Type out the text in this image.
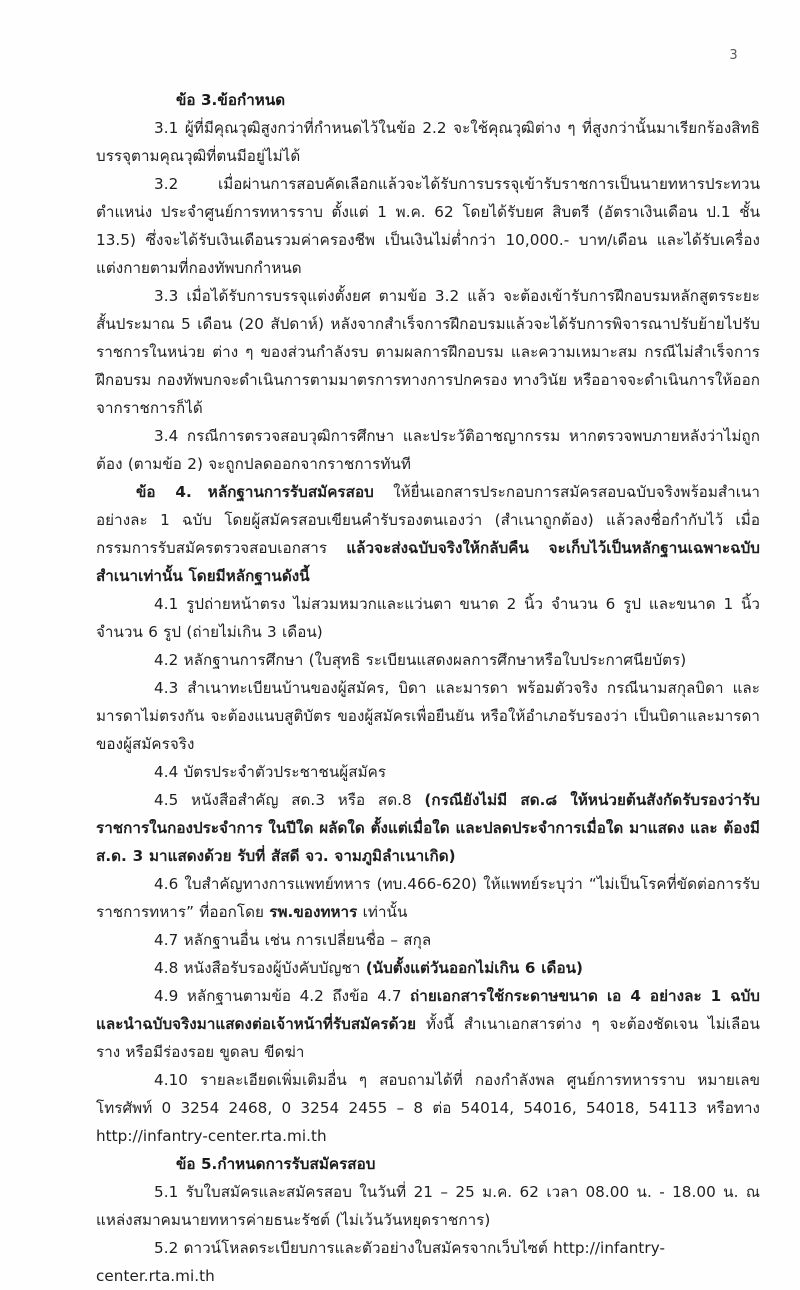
3
ข้อ 3.ข้อกำหนด

3.1 ผู้ที่มีคุณวุฒิสูงกว่าที่กำหนดไว้ในข้อ 2.2 จะใช้คุณวุฒิต่าง ๆ ที่สูงกว่านั้นมาเรียกร้องสิทธิบรรจุตามคุณวุฒิที่ตนมีอยู่ไม่ได้

3.2 เมื่อผ่านการสอบคัดเลือกแล้วจะได้รับการบรรจุเข้ารับราชการเป็นนายทหารประทวน ตำแหน่ง ประจำศูนย์การทหารราบ ตั้งแต่ 1 พ.ค. 62 โดยได้รับยศ สิบตรี (อัตราเงินเดือน ป.1 ชั้น 13.5) ซึ่งจะได้รับเงินเดือนรวมค่าครองชีพ เป็นเงินไม่ต่ำกว่า 10,000.- บาท/เดือน และได้รับเครื่องแต่งกายตามที่กองทัพบกกำหนด

3.3 เมื่อได้รับการบรรจุแต่งตั้งยศ ตามข้อ 3.2 แล้ว จะต้องเข้ารับการฝึกอบรมหลักสูตรระยะสั้นประมาณ 5 เดือน (20 สัปดาห์) หลังจากสำเร็จการฝึกอบรมแล้วจะได้รับการพิจารณาปรับย้ายไปรับราชการในหน่วย ต่าง ๆ ของส่วนกำลังรบ ตามผลการฝึกอบรม และความเหมาะสม กรณีไม่สำเร็จการฝึกอบรม กองทัพบกจะดำเนินการตามมาตรการทางการปกครอง ทางวินัย หรืออาจจะดำเนินการให้ออกจากราชการก็ได้

3.4 กรณีการตรวจสอบวุฒิการศึกษา และประวัติอาชญากรรม หากตรวจพบภายหลังว่าไม่ถูกต้อง (ตามข้อ 2) จะถูกปลดออกจากราชการทันที

ข้อ 4. หลักฐานการรับสมัครสอบ ให้ยื่นเอกสารประกอบการสมัครสอบฉบับจริงพร้อมสำเนาอย่างละ 1 ฉบับ โดยผู้สมัครสอบเขียนคำรับรองตนเองว่า (สำเนาถูกต้อง) แล้วลงชื่อกำกับไว้ เมื่อกรรมการรับสมัครตรวจสอบเอกสาร แล้วจะส่งฉบับจริงให้กลับคืน จะเก็บไว้เป็นหลักฐานเฉพาะฉบับสำเนาเท่านั้น โดยมีหลักฐานดังนี้

4.1 รูปถ่ายหน้าตรง ไม่สวมหมวกและแว่นตา ขนาด 2 นิ้ว จำนวน 6 รูป และขนาด 1 นิ้ว จำนวน 6 รูป (ถ่ายไม่เกิน 3 เดือน)

4.2 หลักฐานการศึกษา (ใบสุทธิ ระเบียนแสดงผลการศึกษาหรือใบประกาศนียบัตร)

4.3 สำเนาทะเบียนบ้านของผู้สมัคร, บิดา และมารดา พร้อมตัวจริง กรณีนามสกุลบิดา และมารดาไม่ตรงกัน จะต้องแนบสูติบัตร ของผู้สมัครเพื่อยืนยัน หรือให้อำเภอรับรองว่า เป็นบิดาและมารดาของผู้สมัครจริง

4.4 บัตรประจำตัวประชาชนผู้สมัคร

4.5 หนังสือสำคัญ สด.3 หรือ สด.8 (กรณียังไม่มี สด.๘ ให้หน่วยต้นสังกัดรับรองว่ารับราชการในกองประจำการ ในปีใด ผลัดใด ตั้งแต่เมื่อใด และปลดประจำการเมื่อใด มาแสดง และ ต้องมี ส.ด. 3 มาแสดงด้วย รับที่ สัสดี จว. จามภูมิลำเนาเกิด)

4.6 ใบสำคัญทางการแพทย์ทหาร (ทบ.466-620) ให้แพทย์ระบุว่า “ไม่เป็นโรคที่ขัดต่อการรับราชการทหาร” ที่ออกโดย รพ.ของทหาร เท่านั้น

4.7 หลักฐานอื่น เช่น การเปลี่ยนชื่อ – สกุล

4.8 หนังสือรับรองผู้บังคับบัญชา (นับตั้งแต่วันออกไม่เกิน 6 เดือน)

4.9 หลักฐานตามข้อ 4.2 ถึงข้อ 4.7 ถ่ายเอกสารใช้กระดาษขนาด เอ 4 อย่างละ 1 ฉบับ และนำฉบับจริงมาแสดงต่อเจ้าหน้าที่รับสมัครด้วย ทั้งนี้ สำเนาเอกสารต่าง ๆ จะต้องชัดเจน ไม่เลือนราง หรือมีร่องรอย ขูดลบ ขีดฆ่า

4.10 รายละเอียดเพิ่มเติมอื่น ๆ สอบถามได้ที่ กองกำลังพล ศูนย์การทหารราบ หมายเลขโทรศัพท์ 0 3254 2468, 0 3254 2455 – 8 ต่อ 54014, 54016, 54018, 54113 หรือทาง http://infantry-center.rta.mi.th

ข้อ 5.กำหนดการรับสมัครสอบ

5.1 รับใบสมัครและสมัครสอบ ในวันที่ 21 – 25 ม.ค. 62 เวลา 08.00 น. - 18.00 น. ณ แหล่งสมาคมนายทหารค่ายธนะรัชต์ (ไม่เว้นวันหยุดราชการ)

5.2 ดาวน์โหลดระเบียบการและตัวอย่างใบสมัครจากเว็บไซต์ http://infantry-center.rta.mi.th
